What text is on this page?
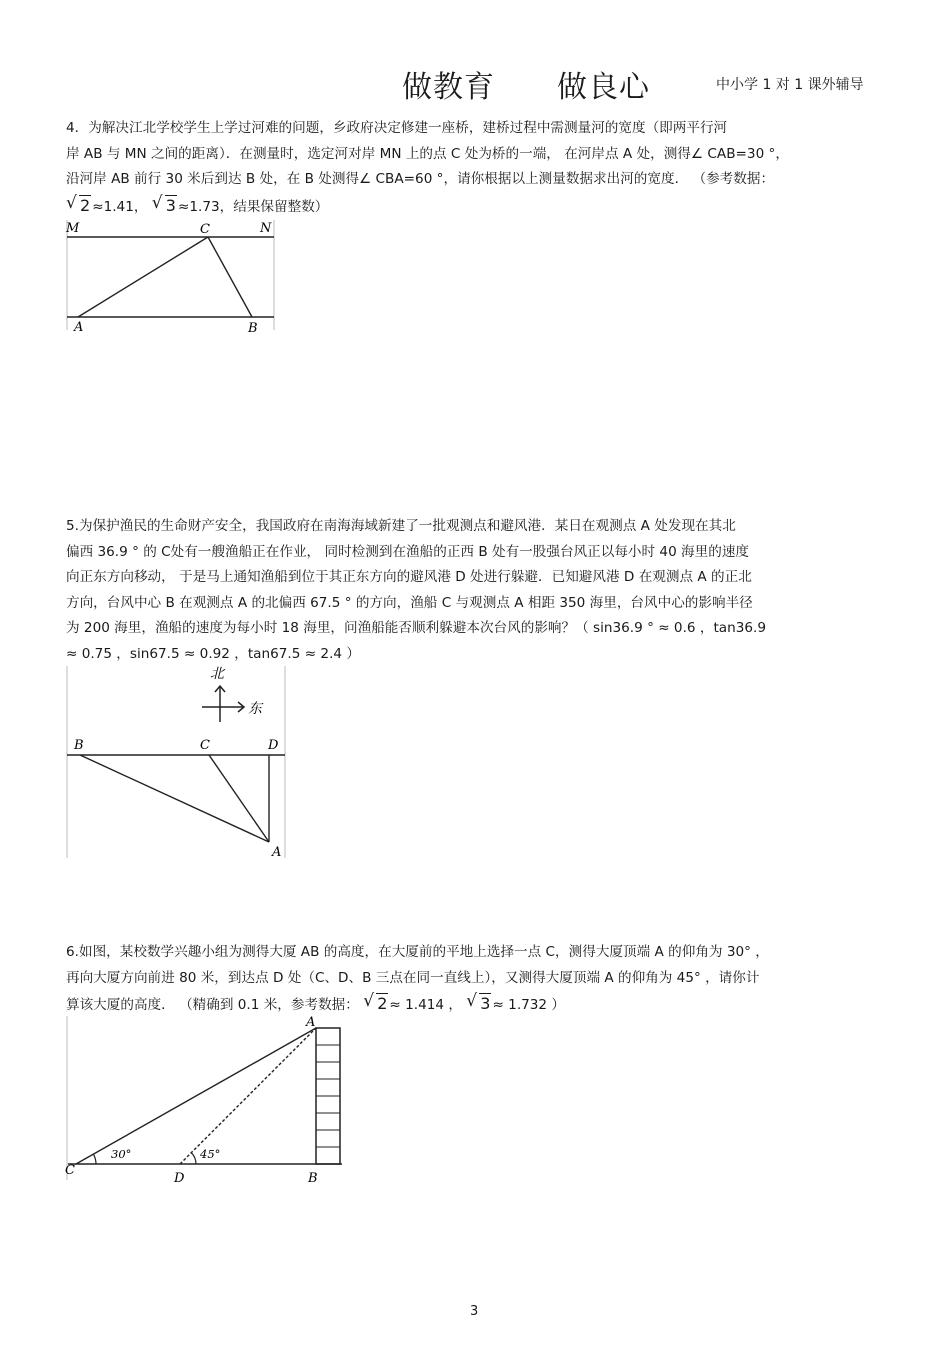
做教育 做良心	中小学 1 对 1 课外辅导
4．为解决江北学校学生上学过河难的问题，乡政府决定修建一座桥，建桥过程中需测量河的宽度（即两平行河
岸 AB 与 MN 之间的距离）．在测量时，选定河对岸 MN 上的点 C 处为桥的一端， 在河岸点 A 处，测得∠ CAB=30 °，
沿河岸 AB 前行 30 米后到达 B 处，在 B 处测得∠ CBA=60 °，请你根据以上测量数据求出河的宽度． （参考数据：
√ 2 ≈1.41， √ 3 ≈1.73，结果保留整数）
M	N
C
A	B
5.为保护渔民的生命财产安全，我国政府在南海海域新建了一批观测点和避风港．某日在观测点 A 处发现在其北
偏西 36.9 ° 的 C处有一艘渔船正在作业， 同时检测到在渔船的正西 B 处有一股强台风正以每小时 40 海里的速度
向正东方向移动， 于是马上通知渔船到位于其正东方向的避风港 D 处进行躲避．已知避风港 D 在观测点 A 的正北
方向，台风中心 B 在观测点 A 的北偏西 67.5 ° 的方向，渔船 C 与观测点 A 相距 350 海里，台风中心的影响半径
为 200 海里，渔船的速度为每小时 18 海里，问渔船能否顺利躲避本次台风的影响？（ sin36.9 ° ≈ 0.6 ，tan36.9
≈ 0.75 ，sin67.5 ≈ 0.92 ，tan67.5 ≈ 2.4 ）
北
东
B	C	D
A
6.如图，某校数学兴趣小组为测得大厦 AB 的高度，在大厦前的平地上选择一点 C，测得大厦顶端 A 的仰角为 30° ，
再向大厦方向前进 80 米，到达点 D 处（C、D、B 三点在同一直线上），又测得大厦顶端 A 的仰角为 45° ，请你计
算该大厦的高度． （精确到 0.1 米，参考数据： √ 2 ≈ 1.414 ， √ 3 ≈ 1.732 ）
30°	45°
A
B
C
D
3
